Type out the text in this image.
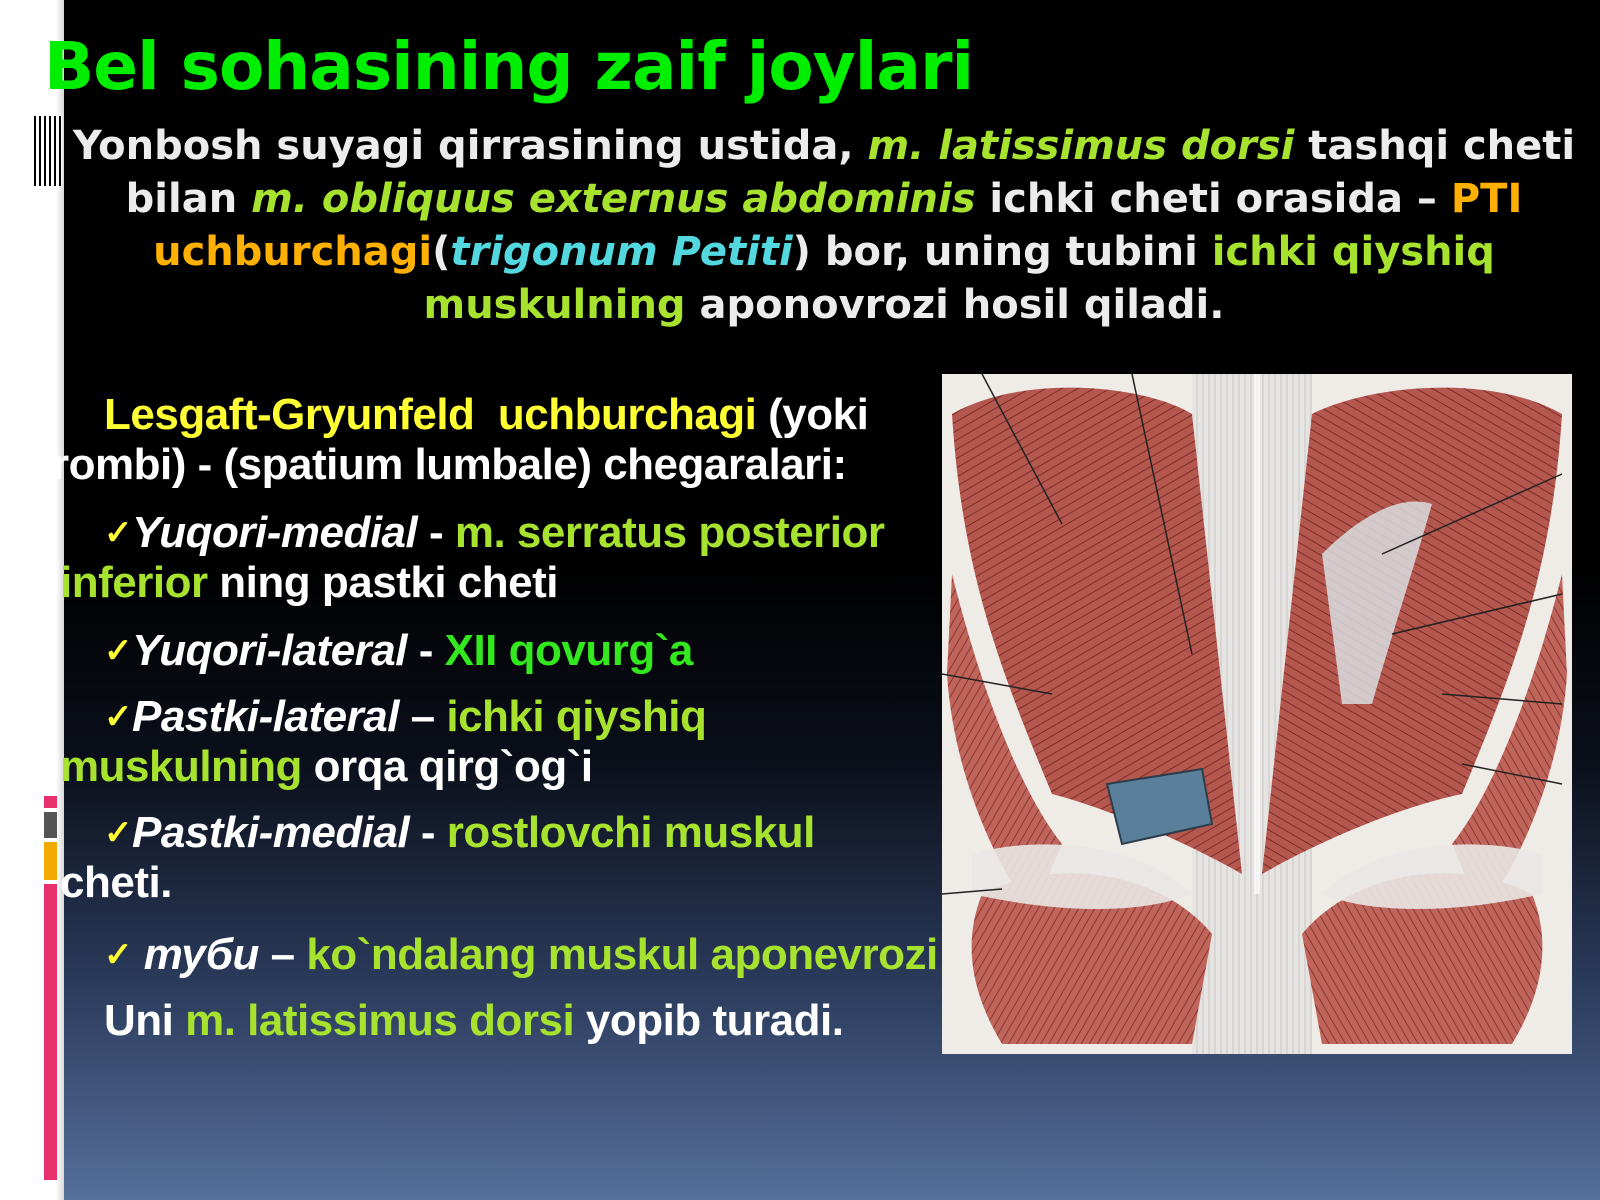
Bel sohasining zaif joylari

Yonbosh suyagi qirrasining ustida, m. latissimus dorsi tashqi cheti bilan m. obliquus externus abdominis ichki cheti orasida – PTI uchburchagi(trigonum Petiti) bor, uning tubini ichki qiyshiq muskulning aponovrozi hosil qiladi.

Lesgaft-Gryunfeld uchburchagi (yoki

rombi) - (spatium lumbale) chegaralari:

✓Yuqori-medial - m. serratus posterior
inferior ning pastki cheti
✓Yuqori-lateral - XII qovurg`a
✓Pastki-lateral – ichki qiyshiq
muskulning orqa qirg`og`i
✓Pastki-medial - rostlovchi muskul
cheti.
✓ туби – ko`ndalang muskul aponevrozi
Uni m. latissimus dorsi yopib turadi.
